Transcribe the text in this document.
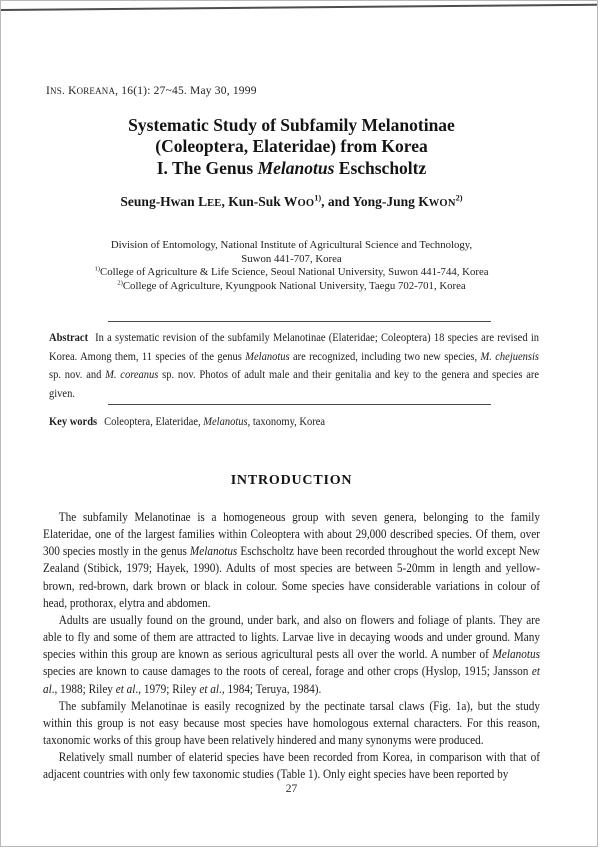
INS. KOREANA, 16(1): 27~45. May 30, 1999
Systematic Study of Subfamily Melanotinae
(Coleoptera, Elateridae) from Korea
I. The Genus Melanotus Eschscholtz
Seung-Hwan LEE, Kun-Suk WOO$^{1)}$, and Yong-Jung KWON$^{2)}$
Division of Entomology, National Institute of Agricultural Science and Technology,
Suwon 441-707, Korea
$^{1)}$College of Agriculture & Life Science, Seoul National University, Suwon 441-744, Korea
$^{2)}$College of Agriculture, Kyungpook National University, Taegu 702-701, Korea

Abstract In a systematic revision of the subfamily Melanotinae (Elateridae; Coleoptera) 18 species are revised in Korea. Among them, 11 species of the genus Melanotus are recognized, including two new species, M. chejuensis sp. nov. and M. coreanus sp. nov. Photos of adult male and their genitalia and key to the genera and species are given.

Key words Coleoptera, Elateridae, Melanotus, taxonomy, Korea

INTRODUCTION

The subfamily Melanotinae is a homogeneous group with seven genera, belonging to the family Elateridae, one of the largest families within Coleoptera with about 29,000 described species. Of them, over 300 species mostly in the genus Melanotus Eschscholtz have been recorded throughout the world except New Zealand (Stibick, 1979; Hayek, 1990). Adults of most species are between 5-20mm in length and yellow-brown, red-brown, dark brown or black in colour. Some species have considerable variations in colour of head, prothorax, elytra and abdomen.

Adults are usually found on the ground, under bark, and also on flowers and foliage of plants. They are able to fly and some of them are attracted to lights. Larvae live in decaying woods and under ground. Many species within this group are known as serious agricultural pests all over the world. A number of Melanotus species are known to cause damages to the roots of cereal, forage and other crops (Hyslop, 1915; Jansson et al., 1988; Riley et al., 1979; Riley et al., 1984; Teruya, 1984).

The subfamily Melanotinae is easily recognized by the pectinate tarsal claws (Fig. 1a), but the study within this group is not easy because most species have homologous external characters. For this reason, taxonomic works of this group have been relatively hindered and many synonyms were produced.

Relatively small number of elaterid species have been recorded from Korea, in comparison with that of adjacent countries with only few taxonomic studies (Table 1). Only eight species have been reported by

27
